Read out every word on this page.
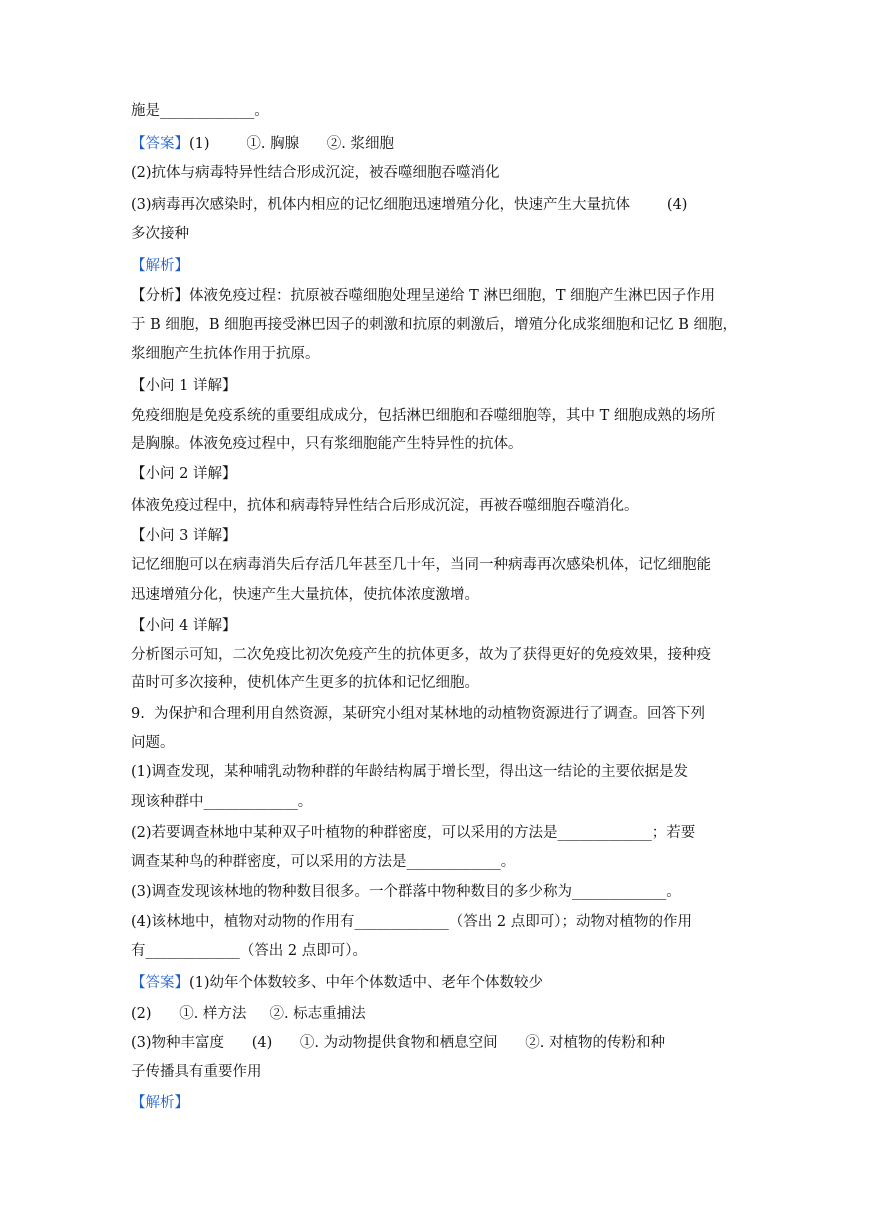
施是_____________。
【答案】(1)        ①. 胸腺      ②. 浆细胞
(2)抗体与病毒特异性结合形成沉淀，被吞噬细胞吞噬消化
(3)病毒再次感染时，机体内相应的记忆细胞迅速增殖分化，快速产生大量抗体        (4)
多次接种
【解析】
【分析】体液免疫过程：抗原被吞噬细胞处理呈递给 T 淋巴细胞，T 细胞产生淋巴因子作用
于 B 细胞，B 细胞再接受淋巴因子的刺激和抗原的刺激后，增殖分化成浆细胞和记忆 B 细胞，
浆细胞产生抗体作用于抗原。
【小问 1 详解】
免疫细胞是免疫系统的重要组成成分，包括淋巴细胞和吞噬细胞等，其中 T 细胞成熟的场所
是胸腺。体液免疫过程中，只有浆细胞能产生特异性的抗体。
【小问 2 详解】
体液免疫过程中，抗体和病毒特异性结合后形成沉淀，再被吞噬细胞吞噬消化。
【小问 3 详解】
记忆细胞可以在病毒消失后存活几年甚至几十年，当同一种病毒再次感染机体，记忆细胞能
迅速增殖分化，快速产生大量抗体，使抗体浓度激增。
【小问 4 详解】
分析图示可知，二次免疫比初次免疫产生的抗体更多，故为了获得更好的免疫效果，接种疫
苗时可多次接种，使机体产生更多的抗体和记忆细胞。
9.  为保护和合理利用自然资源，某研究小组对某林地的动植物资源进行了调查。回答下列
问题。
(1)调查发现，某种哺乳动物种群的年龄结构属于增长型，得出这一结论的主要依据是发
现该种群中_____________。
(2)若要调查林地中某种双子叶植物的种群密度，可以采用的方法是_____________；若要
调查某种鸟的种群密度，可以采用的方法是_____________。
(3)调查发现该林地的物种数目很多。一个群落中物种数目的多少称为_____________。
(4)该林地中，植物对动物的作用有_____________（答出 2 点即可）；动物对植物的作用
有_____________（答出 2 点即可）。
【答案】(1)幼年个体数较多、中年个体数适中、老年个体数较少
(2)      ①. 样方法     ②. 标志重捕法
(3)物种丰富度      (4)      ①. 为动物提供食物和栖息空间      ②. 对植物的传粉和种
子传播具有重要作用
【解析】
